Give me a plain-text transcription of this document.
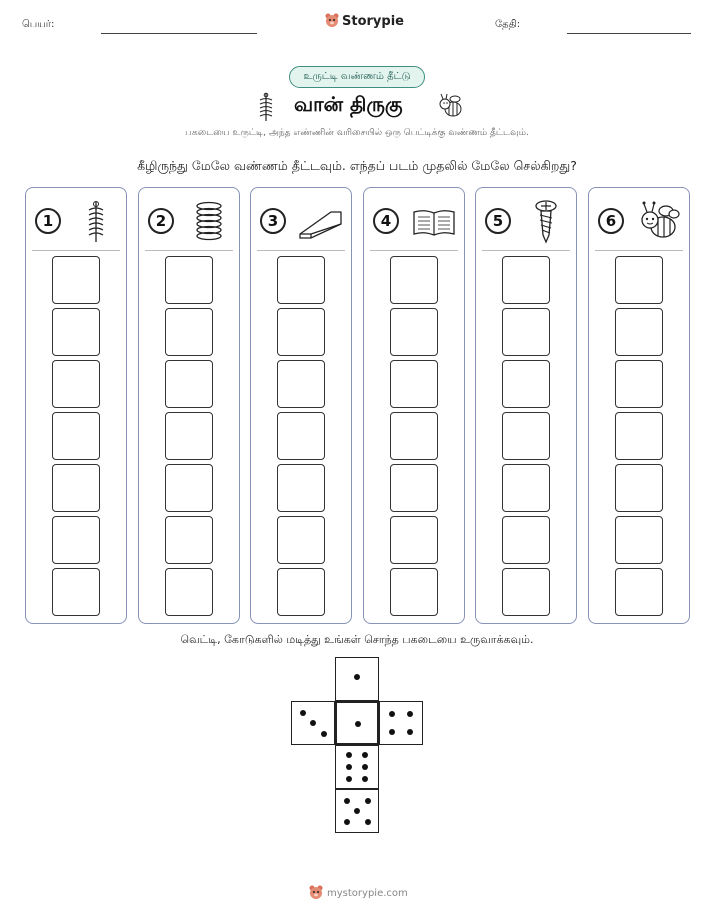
பெயர்:	Storypie	தேதி:
உருட்டி வண்ணம் தீட்டு
வான் திருகு
பகடையை உருட்டி, அந்த எண்ணின் வரிசையில் ஒரு பெட்டிக்கு வண்ணம் தீட்டவும்.
கீழிருந்து மேலே வண்ணம் தீட்டவும். எந்தப் படம் முதலில் மேலே செல்கிறது?
1	2	3	4	5	6
வெட்டி, கோடுகளில் மடித்து உங்கள் சொந்த பகடையை உருவாக்கவும்.
mystorypie.com
